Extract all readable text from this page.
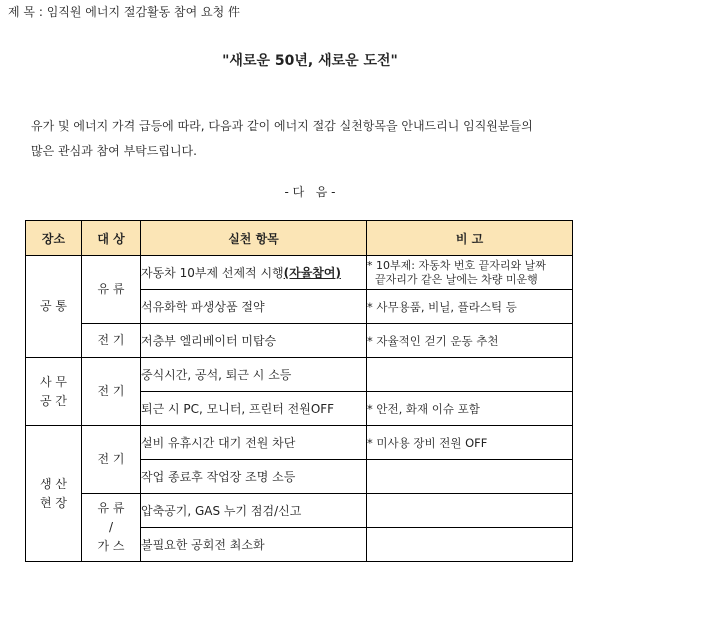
제 목 : 임직원 에너지 절감활동 참여 요청 件
"새로운 50년, 새로운 도전"
유가 및 에너지 가격 급등에 따라, 다음과 같이 에너지 절감 실천항목을 안내드리니 임직원분들의
많은 관심과 참여 부탁드립니다.
- 다   음 -
장소	대 상	실천 항목	비 고
공 통	유 류	자동차 10부제 선제적 시행(자율참여)	* 10부제: 자동차 번호 끝자리와 날짜
끝자리가 같은 날에는 차량 미운행

		석유화학 파생상품 절약	* 사무용품, 비닐, 플라스틱 등
	전 기	저층부 엘리베이터 미탑승	* 자율적인 걷기 운동 추천

사 무
공 간	전 기	중식시간, 공석, 퇴근 시 소등	
		퇴근 시 PC, 모니터, 프린터 전원OFF	* 안전, 화재 이슈 포함

생 산
현 장	전 기	설비 유휴시간 대기 전원 차단	* 미사용 장비 전원 OFF
		작업 종료후 작업장 조명 소등	

	유 류
/
가 스	압축공기, GAS 누기 점검/신고	
		불필요한 공회전 최소화	
